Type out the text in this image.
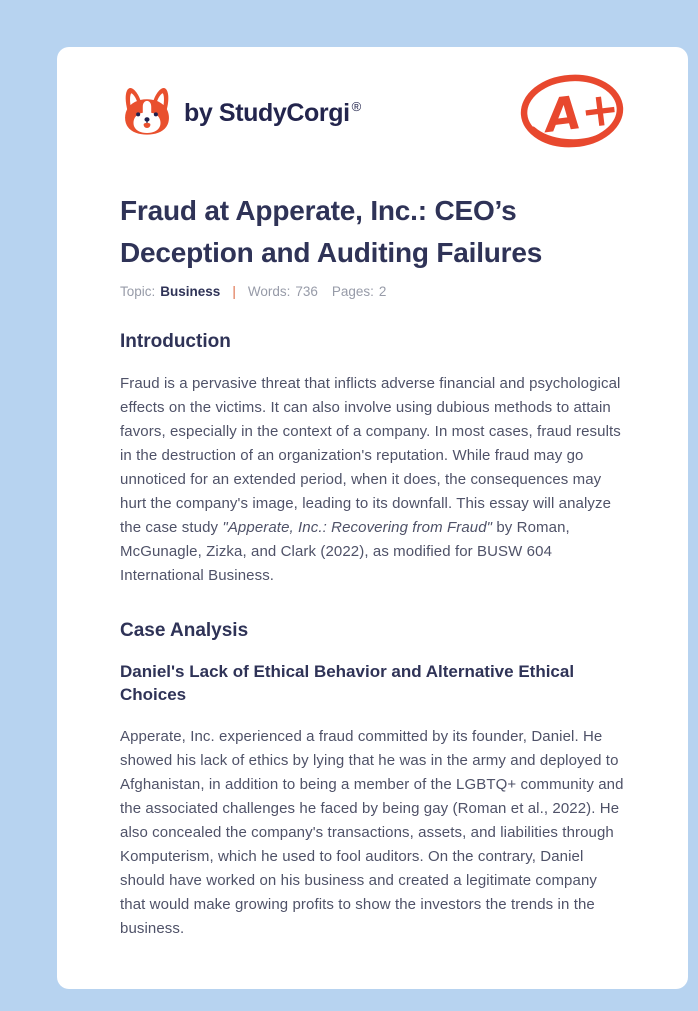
by StudyCorgi ®	A+
Fraud at Apperate, Inc.: CEO’s Deception and Auditing Failures
Topic: Business | Words: 736 Pages: 2
Introduction

Fraud is a pervasive threat that inflicts adverse financial and psychological effects on the victims. It can also involve using dubious methods to attain favors, especially in the context of a company. In most cases, fraud results in the destruction of an organization's reputation. While fraud may go unnoticed for an extended period, when it does, the consequences may hurt the company's image, leading to its downfall. This essay will analyze the case study "Apperate, Inc.: Recovering from Fraud" by Roman, McGunagle, Zizka, and Clark (2022), as modified for BUSW 604 International Business.

Case Analysis
Daniel's Lack of Ethical Behavior and Alternative Ethical Choices

Apperate, Inc. experienced a fraud committed by its founder, Daniel. He showed his lack of ethics by lying that he was in the army and deployed to Afghanistan, in addition to being a member of the LGBTQ+ community and the associated challenges he faced by being gay (Roman et al., 2022). He also concealed the company's transactions, assets, and liabilities through Komputerism, which he used to fool auditors. On the contrary, Daniel should have worked on his business and created a legitimate company that would make growing profits to show the investors the trends in the business.
